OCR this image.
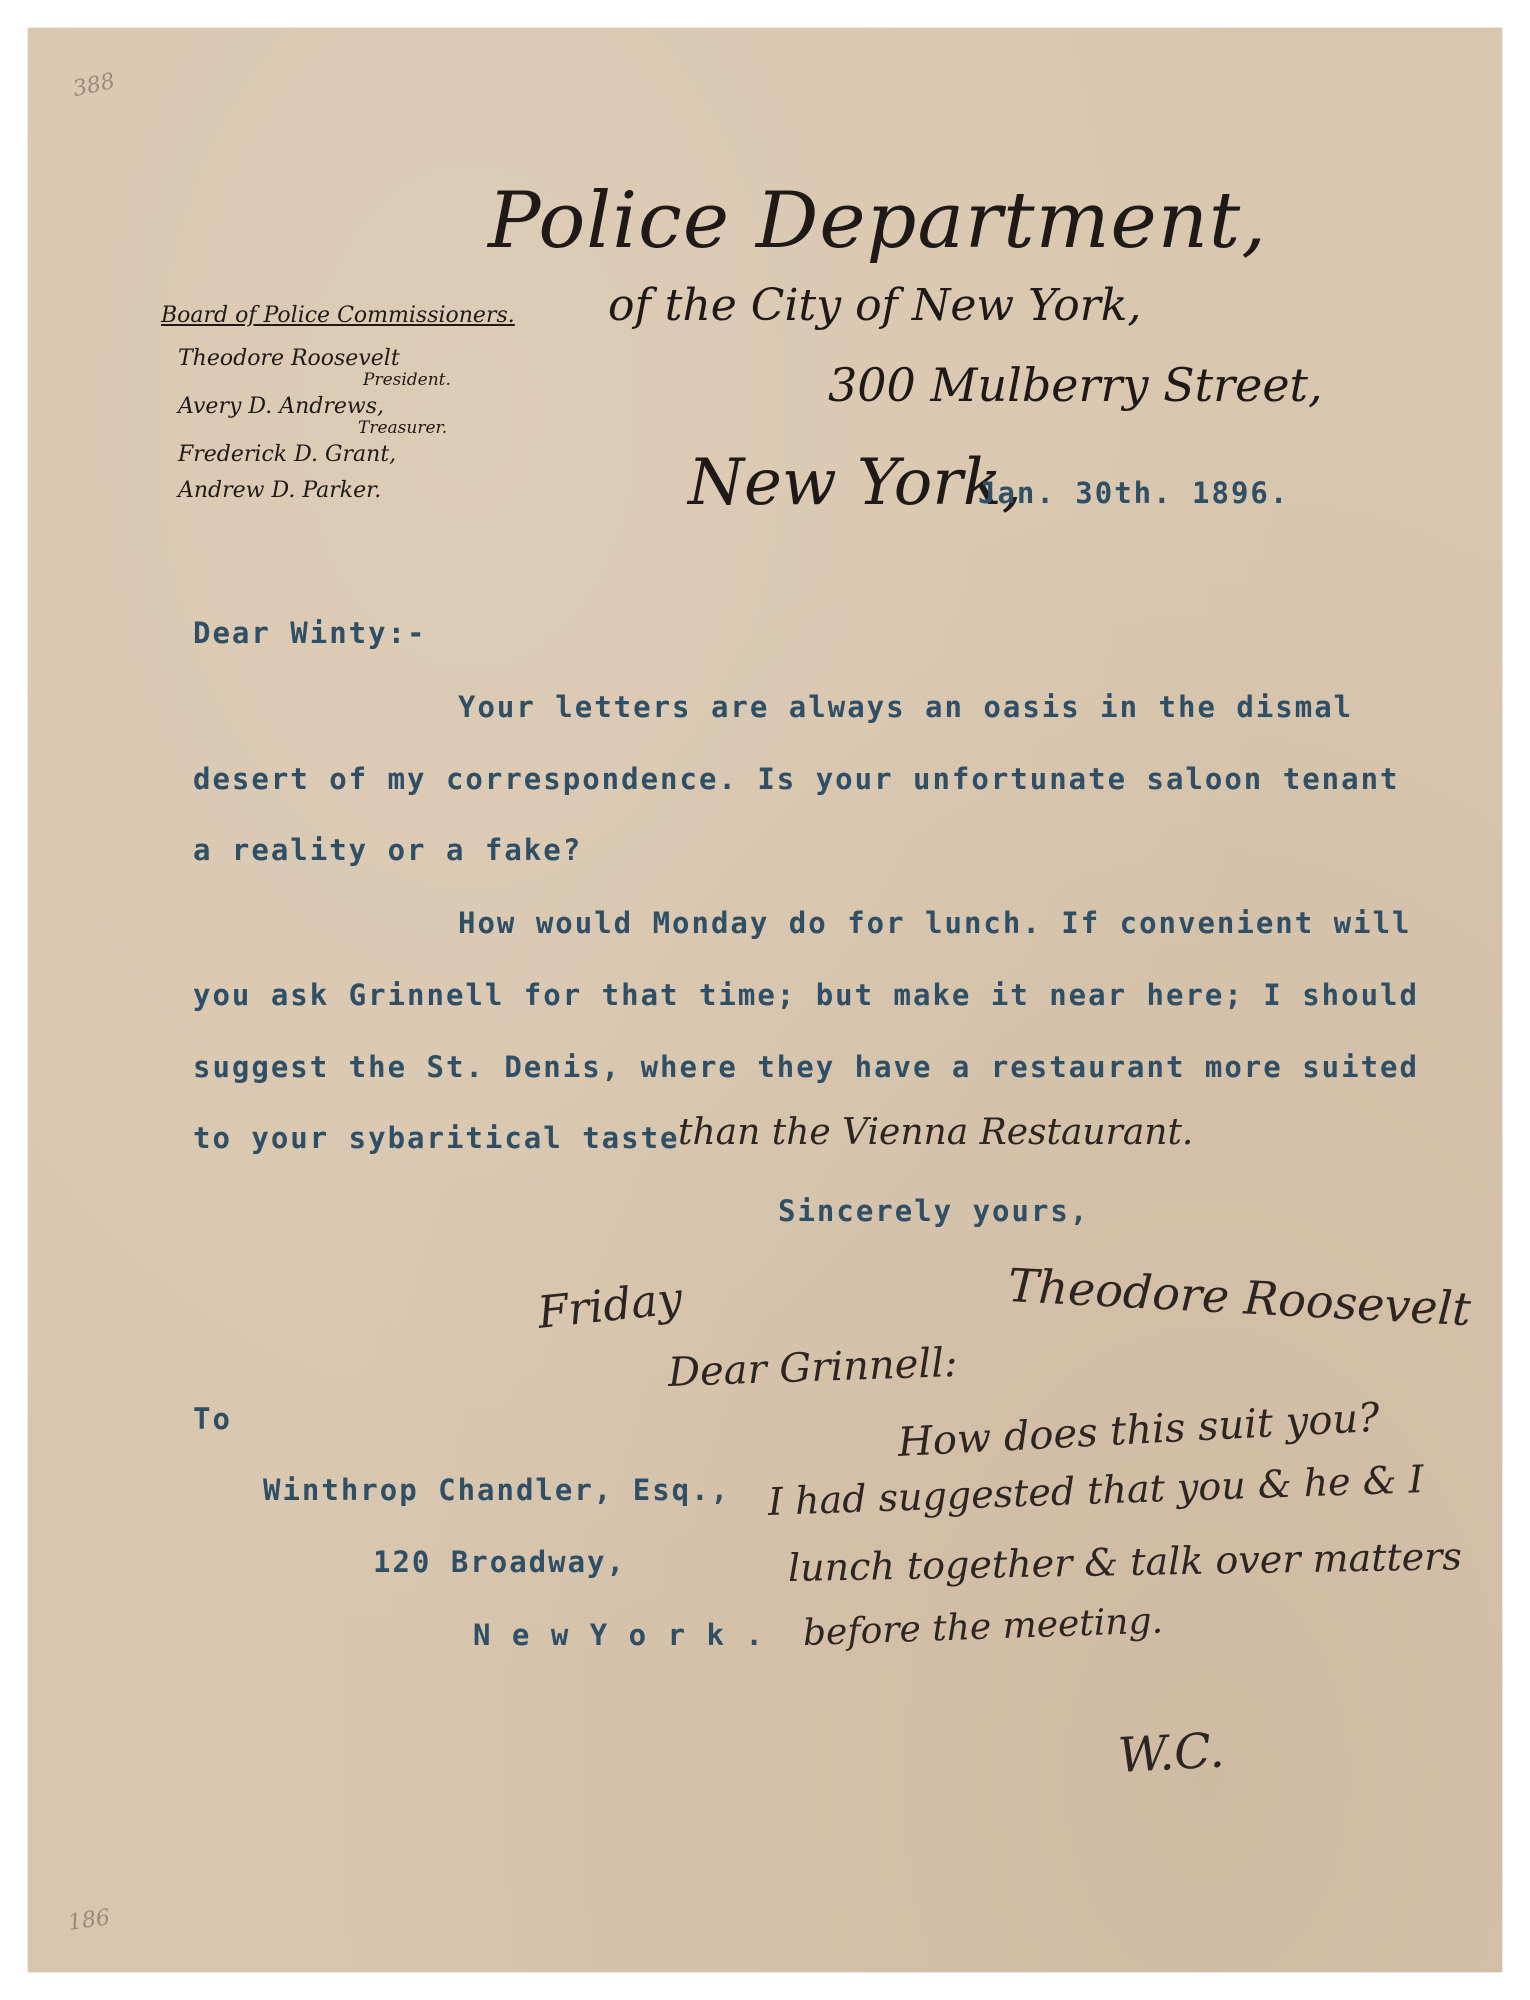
388
186
Police Department,
of the City of New York,
300 Mulberry Street,
New York,
Jan. 30th. 1896.
Board of Police Commissioners.
Theodore Roosevelt
President.
Avery D. Andrews,
Treasurer.
Frederick D. Grant,
Andrew D. Parker.
Dear Winty:-
Your letters are always an oasis in the dismal
desert of my correspondence. Is your unfortunate saloon tenant
a reality or a fake?
How would Monday do for lunch. If convenient will
you ask Grinnell for that time; but make it near here; I should
suggest the St. Denis, where they have a restaurant more suited
to your sybaritical taste
than the Vienna Restaurant.
Sincerely yours,
Theodore Roosevelt
To
Winthrop Chandler, Esq.,
120 Broadway,
N e w Y o r k .
Friday
Dear Grinnell:
How does this suit you?
I had suggested that you & he & I
lunch together & talk over matters
before the meeting.
W.C.
